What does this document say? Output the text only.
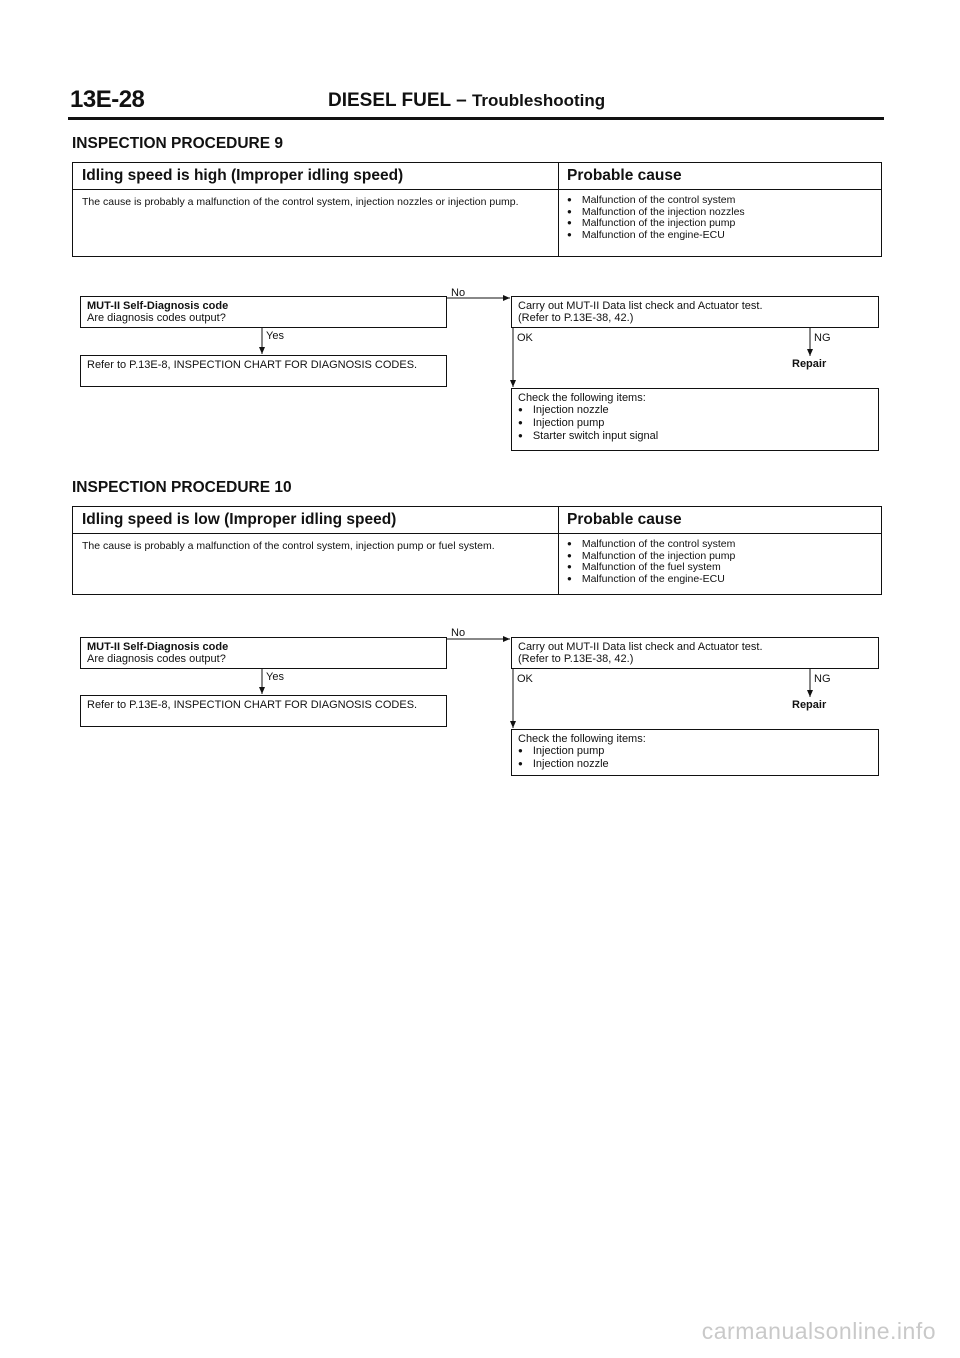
13E-28	DIESEL FUEL – Troubleshooting
INSPECTION PROCEDURE 9
Idling speed is high (Improper idling speed)	Probable cause
The cause is probably a malfunction of the control system, injection nozzles or injection pump.	● Malfunction of the control system
● Malfunction of the injection nozzles
● Malfunction of the injection pump
● Malfunction of the engine-ECU
MUT-II Self-Diagnosis code
Are diagnosis codes output?
No
Yes
Refer to P.13E-8, INSPECTION CHART FOR DIAGNOSIS CODES.
Carry out MUT-II Data list check and Actuator test.
(Refer to P.13E-38, 42.)
OK	NG
Repair
Check the following items:
● Injection nozzle
● Injection pump
● Starter switch input signal
INSPECTION PROCEDURE 10
Idling speed is low (Improper idling speed)	Probable cause
The cause is probably a malfunction of the control system, injection pump or fuel system.	● Malfunction of the control system
● Malfunction of the injection pump
● Malfunction of the fuel system
● Malfunction of the engine-ECU
MUT-II Self-Diagnosis code
Are diagnosis codes output?
No
Yes
Refer to P.13E-8, INSPECTION CHART FOR DIAGNOSIS CODES.
Carry out MUT-II Data list check and Actuator test.
(Refer to P.13E-38, 42.)
OK	NG
Repair
Check the following items:
● Injection pump
● Injection nozzle
carmanualsonline.info
